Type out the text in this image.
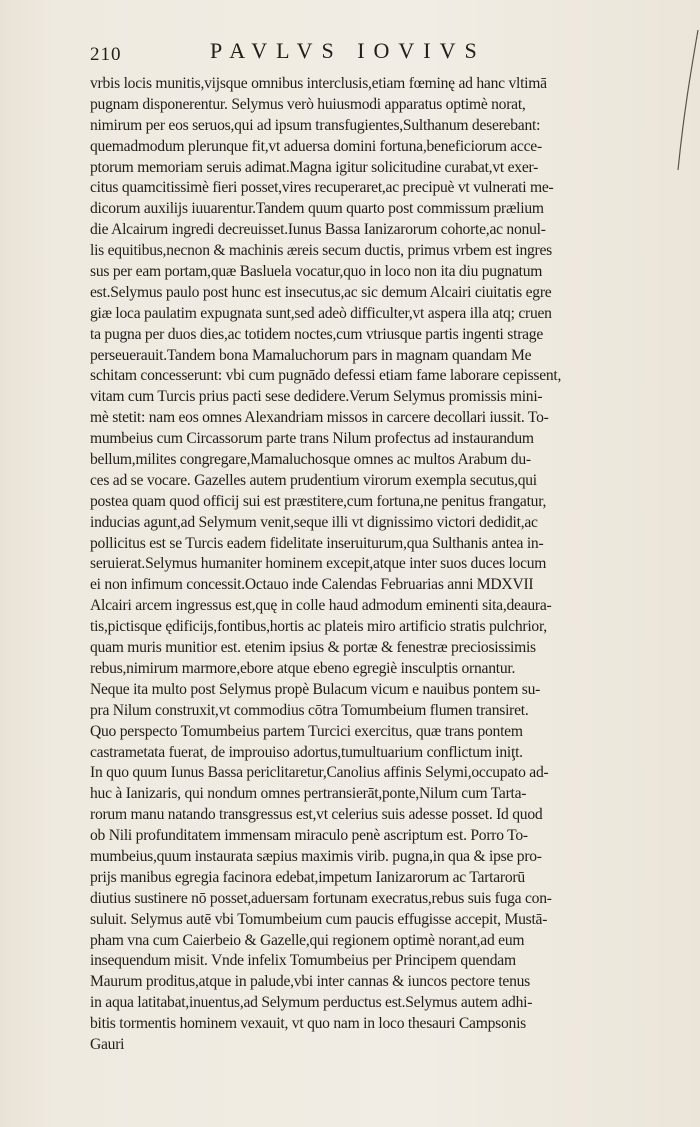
210	PAVLVS IOVIVS
vrbis locis munitis,vijsque omnibus interclusis,etiam fœminę ad hanc vltimā
pugnam disponerentur. Selymus verò huiusmodi apparatus optimè norat,
nimirum per eos seruos,qui ad ipsum transfugientes,Sulthanum deserebant:
quemadmodum plerunque fit,vt aduersa domini fortuna,beneficiorum acce-
ptorum memoriam seruis adimat.Magna igitur solicitudine curabat,vt exer-
citus quamcitissimè fieri posset,vires recuperaret,ac precipuè vt vulnerati me-
dicorum auxilijs iuuarentur.Tandem quum quarto post commissum prælium
die Alcairum ingredi decreuisset.Iunus Bassa Ianizarorum cohorte,ac nonul-
lis equitibus,necnon & machinis æreis secum ductis, primus vrbem est ingres
sus per eam portam,quæ Basluela vocatur,quo in loco non ita diu pugnatum
est.Selymus paulo post hunc est insecutus,ac sic demum Alcairi ciuitatis egre
giæ loca paulatim expugnata sunt,sed adeò difficulter,vt aspera illa atq; cruen
ta pugna per duos dies,ac totidem noctes,cum vtriusque partis ingenti strage
perseuerauit.Tandem bona Mamaluchorum pars in magnam quandam Me
schitam concesserunt: vbi cum pugnādo defessi etiam fame laborare cepissent,
vitam cum Turcis prius pacti sese dedidere.Verum Selymus promissis mini-
mè stetit: nam eos omnes Alexandriam missos in carcere decollari iussit. To-
mumbeius cum Circassorum parte trans Nilum profectus ad instaurandum
bellum,milites congregare,Mamaluchosque omnes ac multos Arabum du-
ces ad se vocare. Gazelles autem prudentium virorum exempla secutus,qui
postea quam quod officij sui est præstitere,cum fortuna,ne penitus frangatur,
inducias agunt,ad Selymum venit,seque illi vt dignissimo victori dedidit,ac
pollicitus est se Turcis eadem fidelitate inseruiturum,qua Sulthanis antea in-
seruierat.Selymus humaniter hominem excepit,atque inter suos duces locum
ei non infimum concessit.Octauo inde Calendas Februarias anni MDXVII
Alcairi arcem ingressus est,quę in colle haud admodum eminenti sita,deaura-
tis,pictisque ędificijs,fontibus,hortis ac plateis miro artificio stratis pulchrior,
quam muris munitior est. etenim ipsius & portæ & fenestræ preciosissimis
rebus,nimirum marmore,ebore atque ebeno egregiè insculptis ornantur.
Neque ita multo post Selymus propè Bulacum vicum e nauibus pontem su-
pra Nilum construxit,vt commodius cōtra Tomumbeium flumen transiret.
Quo perspecto Tomumbeius partem Turcici exercitus, quæ trans pontem
castrametata fuerat, de improuiso adortus,tumultuarium conflictum iniţt.
In quo quum Iunus Bassa periclitaretur,Canolius affinis Selymi,occupato ad-
huc à Ianizaris, qui nondum omnes pertransierāt,ponte,Nilum cum Tarta-
rorum manu natando transgressus est,vt celerius suis adesse posset. Id quod
ob Nili profunditatem immensam miraculo penè ascriptum est. Porro To-
mumbeius,quum instaurata sæpius maximis virib. pugna,in qua & ipse pro-
prijs manibus egregia facinora edebat,impetum Ianizarorum ac Tartarorū
diutius sustinere nō posset,aduersam fortunam execratus,rebus suis fuga con-
suluit. Selymus autē vbi Tomumbeium cum paucis effugisse accepit, Mustā-
pham vna cum Caierbeio & Gazelle,qui regionem optimè norant,ad eum
insequendum misit. Vnde infelix Tomumbeius per Principem quendam
Maurum proditus,atque in palude,vbi inter cannas & iuncos pectore tenus
in aqua latitabat,inuentus,ad Selymum perductus est.Selymus autem adhi-
bitis tormentis hominem vexauit, vt quo nam in loco thesauri Campsonis
Gauri
